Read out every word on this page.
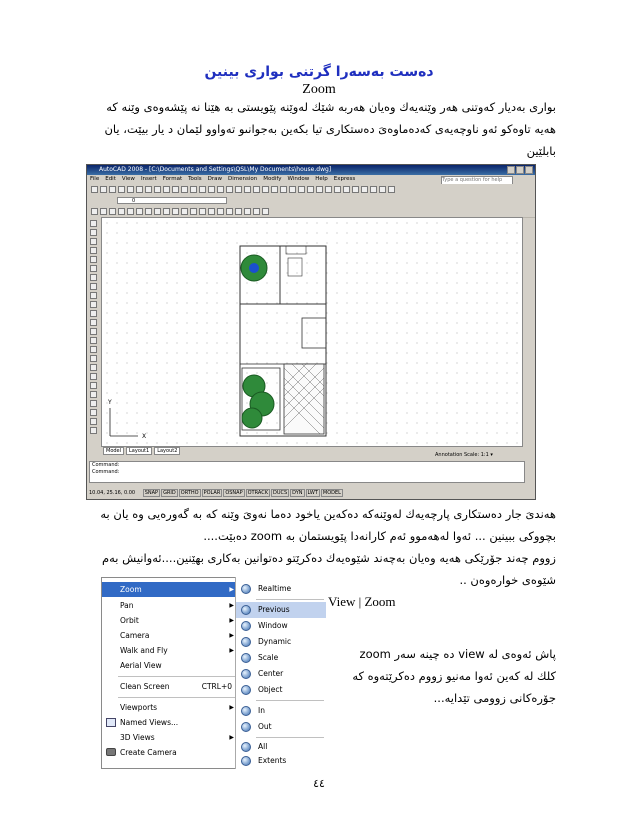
دەست بەسەرا گرتنى بوارى بينين
Zoom
بوارى بەديار كەوتنى هەر وێنەيەك وەيان هەربە شێك لەوێنە پێويستى بە هێنا نە پێشەوەى وێنە كە
هەيە تاوەكو ئەو ناوچەيەى كەدەماوەىَ دەستكارى تيا بكەين بەجوانىو تەواوو لێمان د يار بيێت، يان
بابلێين
AutoCAD 2008 - [C:\Documents and Settings\QSL\My Documents\house.dwg]
File Edit View Insert Format Tools Draw Dimension Modify Window Help Express	Type a question for help
0
X
Y
Model Layout1 Layout2
Annotation Scale: 1:1 ▾
Command:
Command:
10.04, 25.16, 0.00 SNAP GRID ORTHO POLAR OSNAP OTRACK DUCS DYN LWT MODEL
هەندىَ جار دەستكارى پارچەيەك لەوێنەكە دەكەين ياخود دەما نەوىَ وێنە كە بە گەورەيى وە يان بە
بچووكى ببينين ... ئەوا لەهەموو ئەم كارانەدا پێويستمان بە zoom دەبێت....
زووم چەند جۆرێكى هەيە وەيان بەچەند شێوەيەك دەكرێتو دەتوانين بەكارى بهێنين....ئەوانيش بەم
شێوەى خوارەوەن ..
View | Zoom
پاش ئەوەى لە view دە چينە سەر zoom
كلك لە كەين ئەوا مەنيو زووم دەكرێتەوە كە
جۆرەكانى زوومى تێدايە...
Zoom	▶
Pan	▶
Orbit	▶
Camera	▶
Walk and Fly	▶
Aerial View
Clean Screen	CTRL+0
Viewports	▶
Named Views...
3D Views	▶
Create Camera
Realtime
Previous
Window
Dynamic
Scale
Center
Object
In
Out
All
Extents
٤٤
